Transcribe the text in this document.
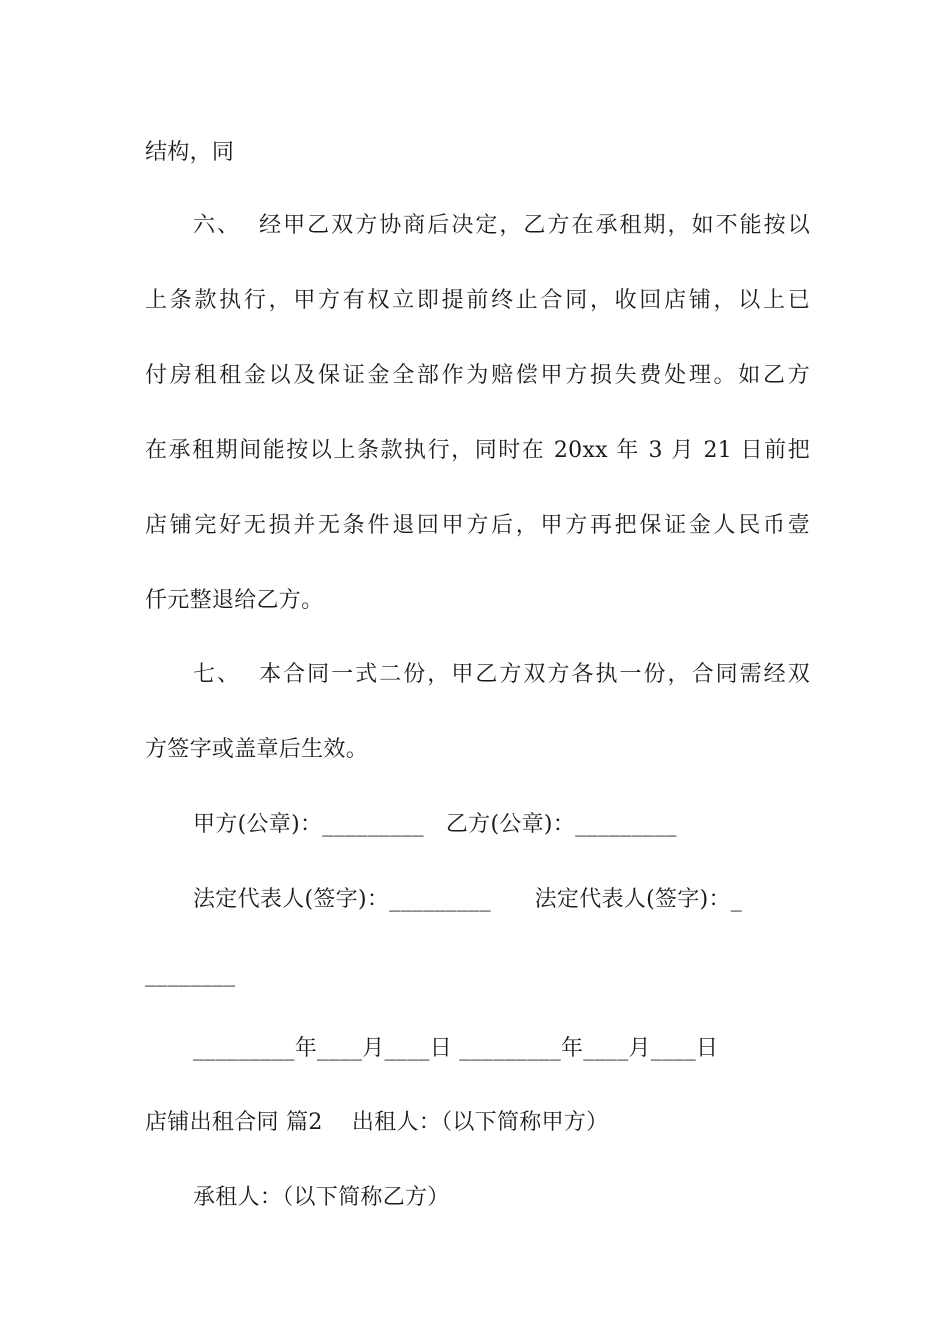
结构，同
六、  经甲乙双方协商后决定，乙方在承租期，如不能按以
上条款执行，甲方有权立即提前终止合同，收回店铺，以上已
付房租租金以及保证金全部作为赔偿甲方损失费处理。如乙方
在承租期间能按以上条款执行，同时在 20xx 年 3 月 21 日前把
店铺完好无损并无条件退回甲方后，甲方再把保证金人民币壹
仟元整退给乙方。
七、  本合同一式二份，甲乙方双方各执一份，合同需经双
方签字或盖章后生效。
甲方(公章)：_________   乙方(公章)：_________
法定代表人(签字)：_________      法定代表人(签字)：_
________
_________年____月____日 _________年____月____日
店铺出租合同 篇2    出租人：（以下简称甲方）
承租人：（以下简称乙方）
